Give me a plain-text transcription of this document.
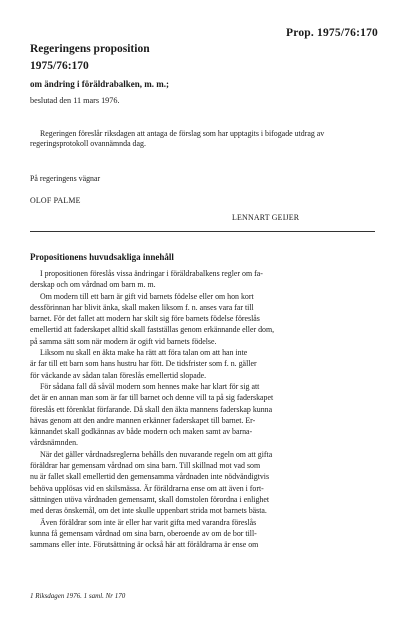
Prop. 1975/76:170
Regeringens proposition
1975/76:170
om ändring i föräldrabalken, m. m.;
beslutad den 11 mars 1976.

Regeringen föreslår riksdagen att antaga de förslag som har upptagits i bifogade utdrag av regeringsprotokoll ovannämnda dag.

På regeringens vägnar
OLOF PALME
LENNART GEIJER
Propositionens huvudsakliga innehåll
I propositionen föreslås vissa ändringar i föräldrabalkens regler om fa-
derskap och om vårdnad om barn m. m.
Om modern till ett barn är gift vid barnets födelse eller om hon kort
dessförinnan har blivit änka, skall maken liksom f. n. anses vara far till
barnet. För det fallet att modern har skilt sig före barnets födelse föreslås
emellertid att faderskapet alltid skall fastställas genom erkännande eller dom,
på samma sätt som när modern är ogift vid barnets födelse.
Liksom nu skall en äkta make ha rätt att föra talan om att han inte
är far till ett barn som hans hustru har fött. De tidsfrister som f. n. gäller
för väckande av sådan talan föreslås emellertid slopade.
För sådana fall då såväl modern som hennes make har klart för sig att
det är en annan man som är far till barnet och denne vill ta på sig faderskapet
föreslås ett förenklat förfarande. Då skall den äkta mannens faderskap kunna
hävas genom att den andre mannen erkänner faderskapet till barnet. Er-
kännandet skall godkännas av både modern och maken samt av barna-
vårdsnämnden.
När det gäller vårdnadsreglerna behålls den nuvarande regeln om att gifta
föräldrar har gemensam vårdnad om sina barn. Till skillnad mot vad som
nu är fallet skall emellertid den gemensamma vårdnaden inte nödvändigtvis
behöva upplösas vid en skilsmässa. Är föräldrarna ense om att även i fort-
sättningen utöva vårdnaden gemensamt, skall domstolen förordna i enlighet
med deras önskemål, om det inte skulle uppenbart strida mot barnets bästa.
Även föräldrar som inte är eller har varit gifta med varandra föreslås
kunna få gemensam vårdnad om sina barn, oberoende av om de bor till-
sammans eller inte. Förutsättning är också här att föräldrarna är ense om
1 Riksdagen 1976. 1 saml. Nr 170
